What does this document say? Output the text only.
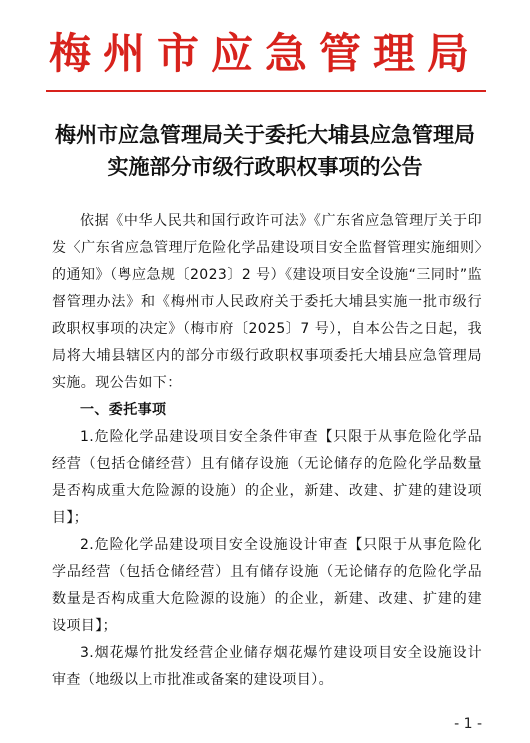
梅州市应急管理局
梅州市应急管理局关于委托大埔县应急管理局
实施部分市级行政职权事项的公告

依据《中华人民共和国行政许可法》《广东省应急管理厅关于印发〈广东省应急管理厅危险化学品建设项目安全监督管理实施细则〉的通知》（粤应急规〔2023〕2 号）《建设项目安全设施“三同时”监督管理办法》和《梅州市人民政府关于委托大埔县实施一批市级行政职权事项的决定》（梅市府〔2025〕7 号），自本公告之日起，我局将大埔县辖区内的部分市级行政职权事项委托大埔县应急管理局实施。现公告如下：

一、委托事项

1.危险化学品建设项目安全条件审查【只限于从事危险化学品经营（包括仓储经营）且有储存设施（无论储存的危险化学品数量是否构成重大危险源的设施）的企业，新建、改建、扩建的建设项目】；

2.危险化学品建设项目安全设施设计审查【只限于从事危险化学品经营（包括仓储经营）且有储存设施（无论储存的危险化学品数量是否构成重大危险源的设施）的企业，新建、改建、扩建的建设项目】；

3.烟花爆竹批发经营企业储存烟花爆竹建设项目安全设施设计审查（地级以上市批准或备案的建设项目）。

- 1 -
